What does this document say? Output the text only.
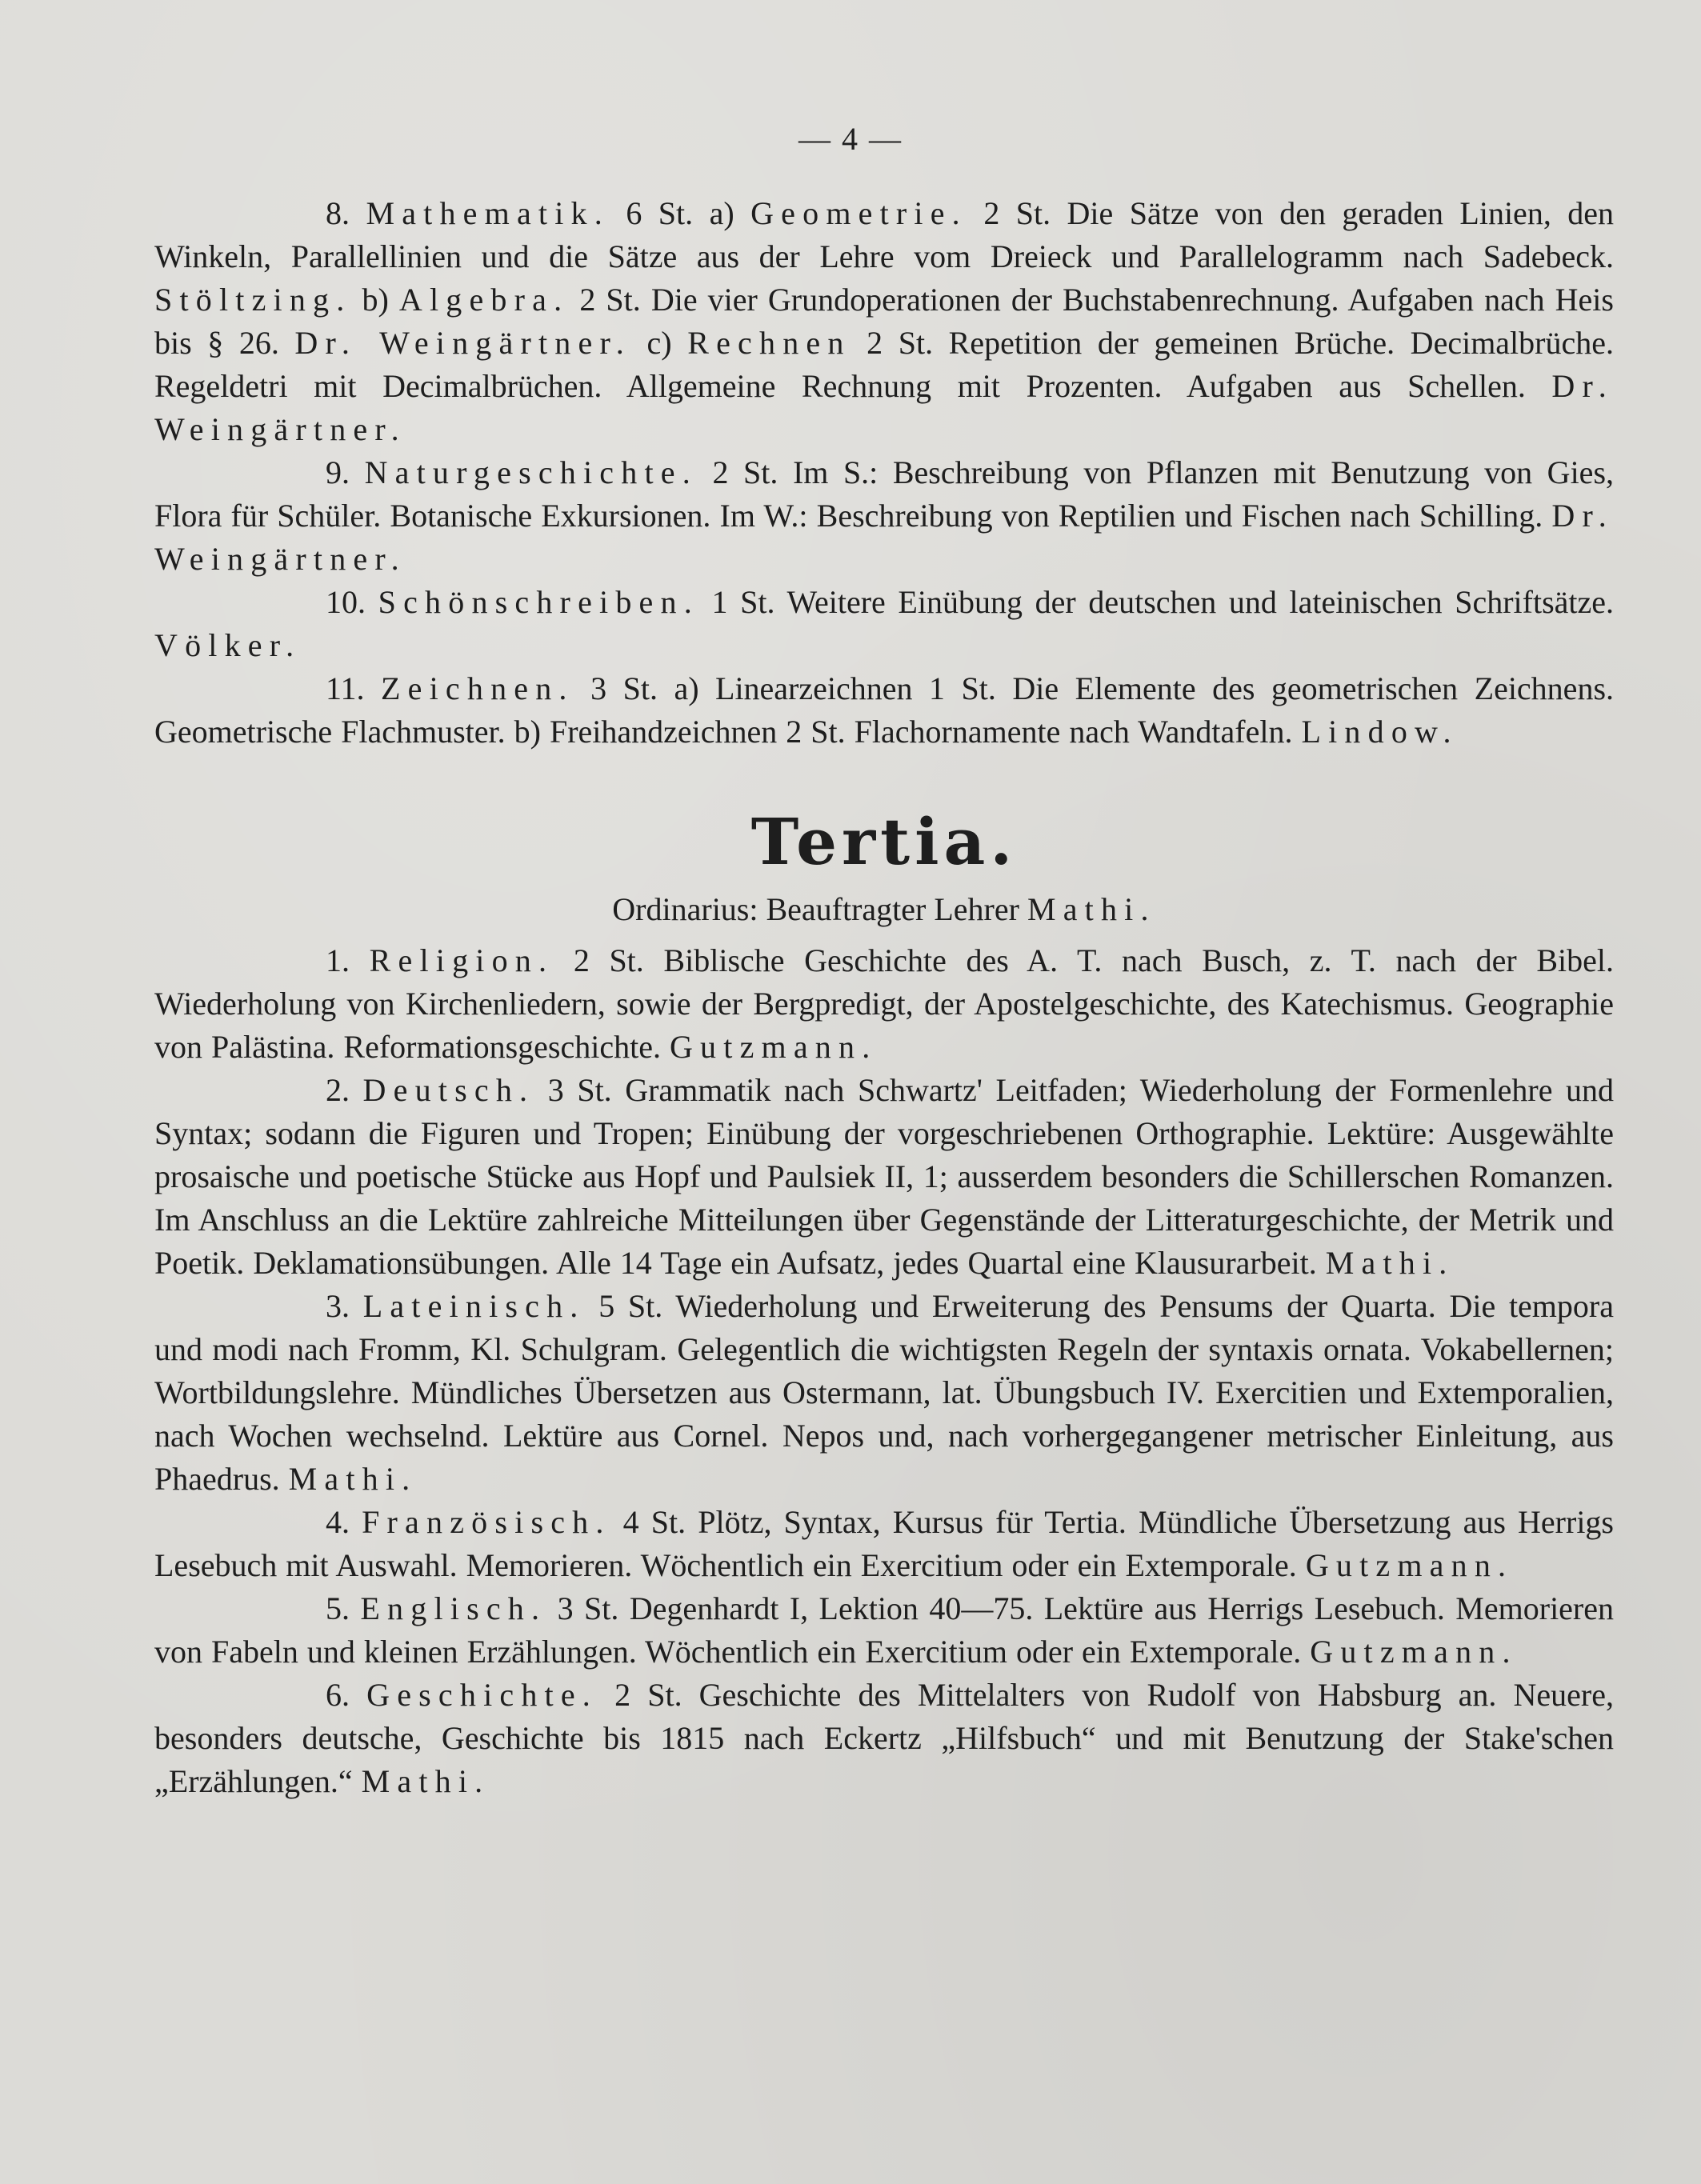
— 4 —

8. Mathematik. 6 St. a) Geometrie. 2 St. Die Sätze von den geraden Linien, den Winkeln, Parallellinien und die Sätze aus der Lehre vom Dreieck und Parallelogramm nach Sadebeck. Stöltzing. b) Algebra. 2 St. Die vier Grundoperationen der Buchstabenrechnung. Aufgaben nach Heis bis § 26. Dr. Weingärtner. c) Rechnen 2 St. Repetition der gemeinen Brüche. Decimalbrüche. Regeldetri mit Decimalbrüchen. Allgemeine Rechnung mit Prozenten. Aufgaben aus Schellen. Dr. Weingärtner.

9. Naturgeschichte. 2 St. Im S.: Beschreibung von Pflanzen mit Benutzung von Gies, Flora für Schüler. Botanische Exkursionen. Im W.: Beschreibung von Reptilien und Fischen nach Schilling. Dr. Weingärtner.

10. Schönschreiben. 1 St. Weitere Einübung der deutschen und lateinischen Schriftsätze. Völker.

11. Zeichnen. 3 St. a) Linearzeichnen 1 St. Die Elemente des geometrischen Zeichnens. Geometrische Flachmuster. b) Freihandzeichnen 2 St. Flachornamente nach Wandtafeln. Lindow.

Tertia.
Ordinarius: Beauftragter Lehrer Mathi.

1. Religion. 2 St. Biblische Geschichte des A. T. nach Busch, z. T. nach der Bibel. Wiederholung von Kirchenliedern, sowie der Bergpredigt, der Apostelgeschichte, des Katechismus. Geographie von Palästina. Reformationsgeschichte. Gutzmann.

2. Deutsch. 3 St. Grammatik nach Schwartz' Leitfaden; Wiederholung der Formenlehre und Syntax; sodann die Figuren und Tropen; Einübung der vorgeschriebenen Orthographie. Lektüre: Ausgewählte prosaische und poetische Stücke aus Hopf und Paulsiek II, 1; ausserdem besonders die Schillerschen Romanzen. Im Anschluss an die Lektüre zahlreiche Mitteilungen über Gegenstände der Litteraturgeschichte, der Metrik und Poetik. Deklamationsübungen. Alle 14 Tage ein Aufsatz, jedes Quartal eine Klausurarbeit. Mathi.

3. Lateinisch. 5 St. Wiederholung und Erweiterung des Pensums der Quarta. Die tempora und modi nach Fromm, Kl. Schulgram. Gelegentlich die wichtigsten Regeln der syntaxis ornata. Vokabellernen; Wortbildungslehre. Mündliches Übersetzen aus Ostermann, lat. Übungsbuch IV. Exercitien und Extemporalien, nach Wochen wechselnd. Lektüre aus Cornel. Nepos und, nach vorhergegangener metrischer Einleitung, aus Phaedrus. Mathi.

4. Französisch. 4 St. Plötz, Syntax, Kursus für Tertia. Mündliche Übersetzung aus Herrigs Lesebuch mit Auswahl. Memorieren. Wöchentlich ein Exercitium oder ein Extemporale. Gutzmann.

5. Englisch. 3 St. Degenhardt I, Lektion 40—75. Lektüre aus Herrigs Lesebuch. Memorieren von Fabeln und kleinen Erzählungen. Wöchentlich ein Exercitium oder ein Extemporale. Gutzmann.

6. Geschichte. 2 St. Geschichte des Mittelalters von Rudolf von Habsburg an. Neuere, besonders deutsche, Geschichte bis 1815 nach Eckertz „Hilfsbuch“ und mit Benutzung der Stake'schen „Erzählungen.“ Mathi.
